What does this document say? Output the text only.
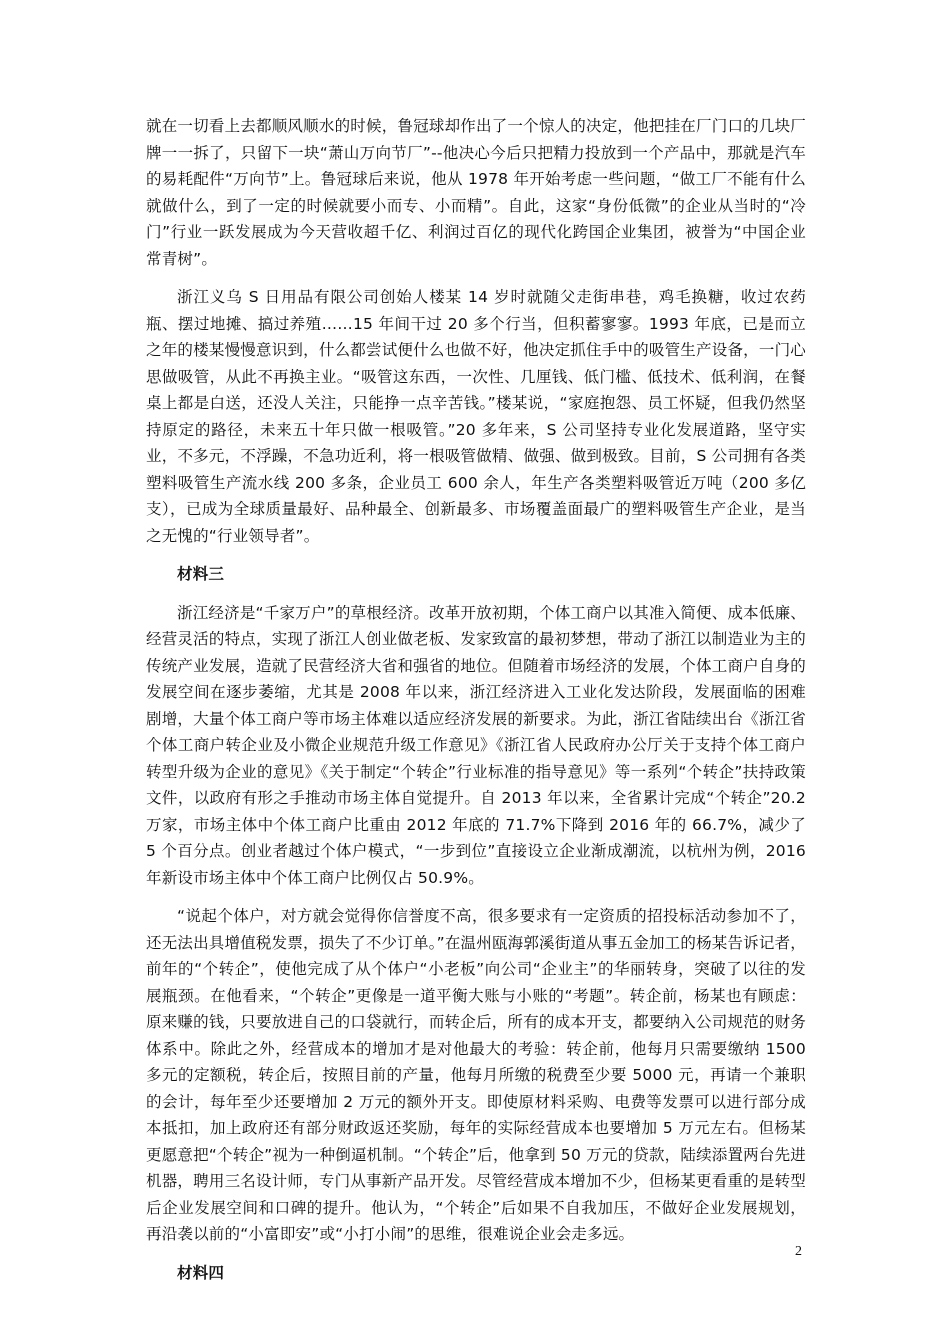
就在一切看上去都顺风顺水的时候，鲁冠球却作出了一个惊人的决定，他把挂在厂门口的几块厂牌一一拆了，只留下一块“萧山万向节厂”--他决心今后只把精力投放到一个产品中，那就是汽车的易耗配件“万向节”上。鲁冠球后来说，他从 1978 年开始考虑一些问题，“做工厂不能有什么就做什么，到了一定的时候就要小而专、小而精”。自此，这家“身份低微”的企业从当时的“冷门”行业一跃发展成为今天营收超千亿、利润过百亿的现代化跨国企业集团，被誉为“中国企业常青树”。

浙江义乌 S 日用品有限公司创始人楼某 14 岁时就随父走街串巷，鸡毛换糖，收过农药瓶、摆过地摊、搞过养殖……15 年间干过 20 多个行当，但积蓄寥寥。1993 年底，已是而立之年的楼某慢慢意识到，什么都尝试便什么也做不好，他决定抓住手中的吸管生产设备，一门心思做吸管，从此不再换主业。“吸管这东西，一次性、几厘钱、低门槛、低技术、低利润，在餐桌上都是白送，还没人关注，只能挣一点辛苦钱。”楼某说，“家庭抱怨、员工怀疑，但我仍然坚持原定的路径，未来五十年只做一根吸管。”20 多年来，S 公司坚持专业化发展道路，坚守实业，不多元，不浮躁，不急功近利，将一根吸管做精、做强、做到极致。目前，S 公司拥有各类塑料吸管生产流水线 200 多条，企业员工 600 余人，年生产各类塑料吸管近万吨（200 多亿支），已成为全球质量最好、品种最全、创新最多、市场覆盖面最广的塑料吸管生产企业，是当之无愧的“行业领导者”。

材料三

浙江经济是“千家万户”的草根经济。改革开放初期，个体工商户以其准入简便、成本低廉、经营灵活的特点，实现了浙江人创业做老板、发家致富的最初梦想，带动了浙江以制造业为主的传统产业发展，造就了民营经济大省和强省的地位。但随着市场经济的发展，个体工商户自身的发展空间在逐步萎缩，尤其是 2008 年以来，浙江经济进入工业化发达阶段，发展面临的困难剧增，大量个体工商户等市场主体难以适应经济发展的新要求。为此，浙江省陆续出台《浙江省个体工商户转企业及小微企业规范升级工作意见》《浙江省人民政府办公厅关于支持个体工商户转型升级为企业的意见》《关于制定“个转企”行业标准的指导意见》等一系列“个转企”扶持政策文件，以政府有形之手推动市场主体自觉提升。自 2013 年以来，全省累计完成“个转企”20.2 万家，市场主体中个体工商户比重由 2012 年底的 71.7%下降到 2016 年的 66.7%，减少了 5 个百分点。创业者越过个体户模式，“一步到位”直接设立企业渐成潮流，以杭州为例，2016 年新设市场主体中个体工商户比例仅占 50.9%。

“说起个体户，对方就会觉得你信誉度不高，很多要求有一定资质的招投标活动参加不了，还无法出具增值税发票，损失了不少订单。”在温州瓯海郭溪街道从事五金加工的杨某告诉记者，前年的“个转企”，使他完成了从个体户“小老板”向公司“企业主”的华丽转身，突破了以往的发展瓶颈。在他看来，“个转企”更像是一道平衡大账与小账的“考题”。转企前，杨某也有顾虑：原来赚的钱，只要放进自己的口袋就行，而转企后，所有的成本开支，都要纳入公司规范的财务体系中。除此之外，经营成本的增加才是对他最大的考验：转企前，他每月只需要缴纳 1500 多元的定额税，转企后，按照目前的产量，他每月所缴的税费至少要 5000 元，再请一个兼职的会计，每年至少还要增加 2 万元的额外开支。即使原材料采购、电费等发票可以进行部分成本抵扣，加上政府还有部分财政返还奖励，每年的实际经营成本也要增加 5 万元左右。但杨某更愿意把“个转企”视为一种倒逼机制。“个转企”后，他拿到 50 万元的贷款，陆续添置两台先进机器，聘用三名设计师，专门从事新产品开发。尽管经营成本增加不少，但杨某更看重的是转型后企业发展空间和口碑的提升。他认为，“个转企”后如果不自我加压，不做好企业发展规划，再沿袭以前的“小富即安”或“小打小闹”的思维，很难说企业会走多远。

材料四

2
